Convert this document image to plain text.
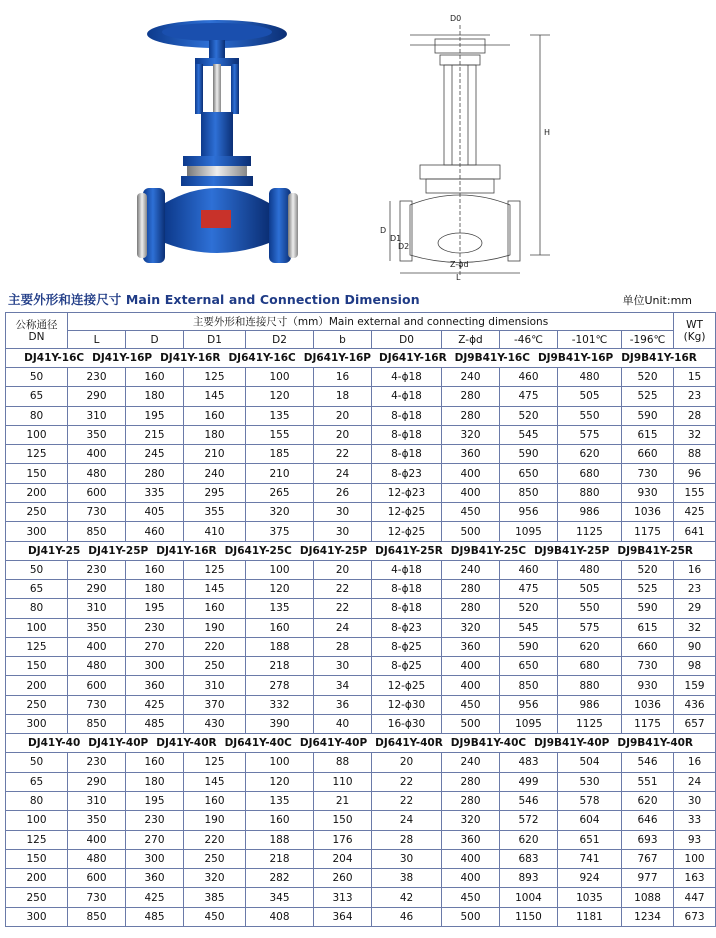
D0
H
D
D1
D2
Z-ϕd
L
主要外形和连接尺寸 Main External and Connection Dimension	单位Unit:mm
公称通径 DN	主要外形和连接尺寸（mm）Main external and connecting dimensions										WT (Kg)
	L	D	D1	D2	b	D0	Z-ϕd	-46℃	-101℃	-196℃	
DJ41Y-16C DJ41Y-16P DJ41Y-16R DJ641Y-16C DJ641Y-16P DJ641Y-16R DJ9B41Y-16C DJ9B41Y-16P DJ9B41Y-16R											
50	230	160	125	100	16	4-ϕ18	240	460	480	520	15
65	290	180	145	120	18	4-ϕ18	280	475	505	525	23
80	310	195	160	135	20	8-ϕ18	280	520	550	590	28
100	350	215	180	155	20	8-ϕ18	320	545	575	615	32
125	400	245	210	185	22	8-ϕ18	360	590	620	660	88
150	480	280	240	210	24	8-ϕ23	400	650	680	730	96
200	600	335	295	265	26	12-ϕ23	400	850	880	930	155
250	730	405	355	320	30	12-ϕ25	450	956	986	1036	425
300	850	460	410	375	30	12-ϕ25	500	1095	1125	1175	641
DJ41Y-25 DJ41Y-25P DJ41Y-16R DJ641Y-25C DJ641Y-25P DJ641Y-25R DJ9B41Y-25C DJ9B41Y-25P DJ9B41Y-25R											
50	230	160	125	100	20	4-ϕ18	240	460	480	520	16
65	290	180	145	120	22	8-ϕ18	280	475	505	525	23
80	310	195	160	135	22	8-ϕ18	280	520	550	590	29
100	350	230	190	160	24	8-ϕ23	320	545	575	615	32
125	400	270	220	188	28	8-ϕ25	360	590	620	660	90
150	480	300	250	218	30	8-ϕ25	400	650	680	730	98
200	600	360	310	278	34	12-ϕ25	400	850	880	930	159
250	730	425	370	332	36	12-ϕ30	450	956	986	1036	436
300	850	485	430	390	40	16-ϕ30	500	1095	1125	1175	657
DJ41Y-40 DJ41Y-40P DJ41Y-40R DJ641Y-40C DJ641Y-40P DJ641Y-40R DJ9B41Y-40C DJ9B41Y-40P DJ9B41Y-40R											
50	230	160	125	100	88	20	240	483	504	546	16
65	290	180	145	120	110	22	280	499	530	551	24
80	310	195	160	135	21	22	280	546	578	620	30
100	350	230	190	160	150	24	320	572	604	646	33
125	400	270	220	188	176	28	360	620	651	693	93
150	480	300	250	218	204	30	400	683	741	767	100
200	600	360	320	282	260	38	400	893	924	977	163
250	730	425	385	345	313	42	450	1004	1035	1088	447
300	850	485	450	408	364	46	500	1150	1181	1234	673
